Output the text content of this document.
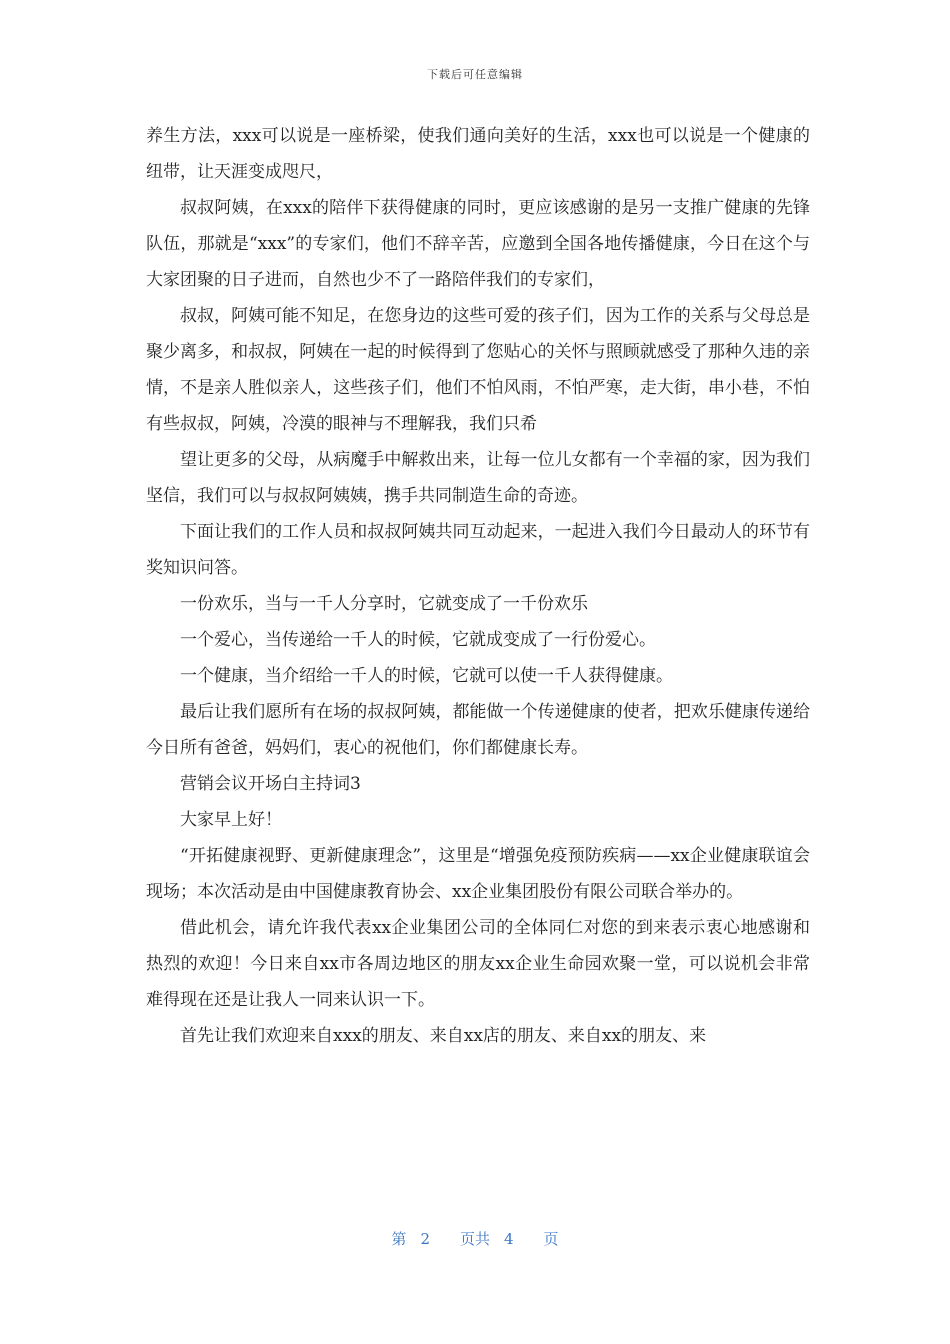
下载后可任意编辑

养生方法，xxx可以说是一座桥梁，使我们通向美好的生活，xxx也可以说是一个健康的纽带，让天涯变成咫尺，

叔叔阿姨，在xxx的陪伴下获得健康的同时，更应该感谢的是另一支推广健康的先锋队伍，那就是“xxx”的专家们，他们不辞辛苦，应邀到全国各地传播健康，今日在这个与大家团聚的日子进而，自然也少不了一路陪伴我们的专家们，

叔叔，阿姨可能不知足，在您身边的这些可爱的孩子们，因为工作的关系与父母总是聚少离多，和叔叔，阿姨在一起的时候得到了您贴心的关怀与照顾就感受了那种久违的亲情，不是亲人胜似亲人，这些孩子们，他们不怕风雨，不怕严寒，走大街，串小巷，不怕有些叔叔，阿姨，冷漠的眼神与不理解我，我们只希

望让更多的父母，从病魔手中解救出来，让每一位儿女都有一个幸福的家，因为我们坚信，我们可以与叔叔阿姨姨，携手共同制造生命的奇迹。

下面让我们的工作人员和叔叔阿姨共同互动起来，一起进入我们今日最动人的环节有奖知识问答。

一份欢乐，当与一千人分享时，它就变成了一千份欢乐

一个爱心，当传递给一千人的时候，它就成变成了一行份爱心。

一个健康，当介绍给一千人的时候，它就可以使一千人获得健康。

最后让我们愿所有在场的叔叔阿姨，都能做一个传递健康的使者，把欢乐健康传递给今日所有爸爸，妈妈们，衷心的祝他们，你们都健康长寿。

营销会议开场白主持词3

大家早上好！

“开拓健康视野、更新健康理念”，这里是“增强免疫预防疾病——xx企业健康联谊会现场；本次活动是由中国健康教育协会、xx企业集团股份有限公司联合举办的。

借此机会，请允许我代表xx企业集团公司的全体同仁对您的到来表示衷心地感谢和热烈的欢迎！今日来自xx市各周边地区的朋友xx企业生命园欢聚一堂，可以说机会非常难得现在还是让我人一同来认识一下。

首先让我们欢迎来自xxx的朋友、来自xx店的朋友、来自xx的朋友、来

第 2 页共 4 页
